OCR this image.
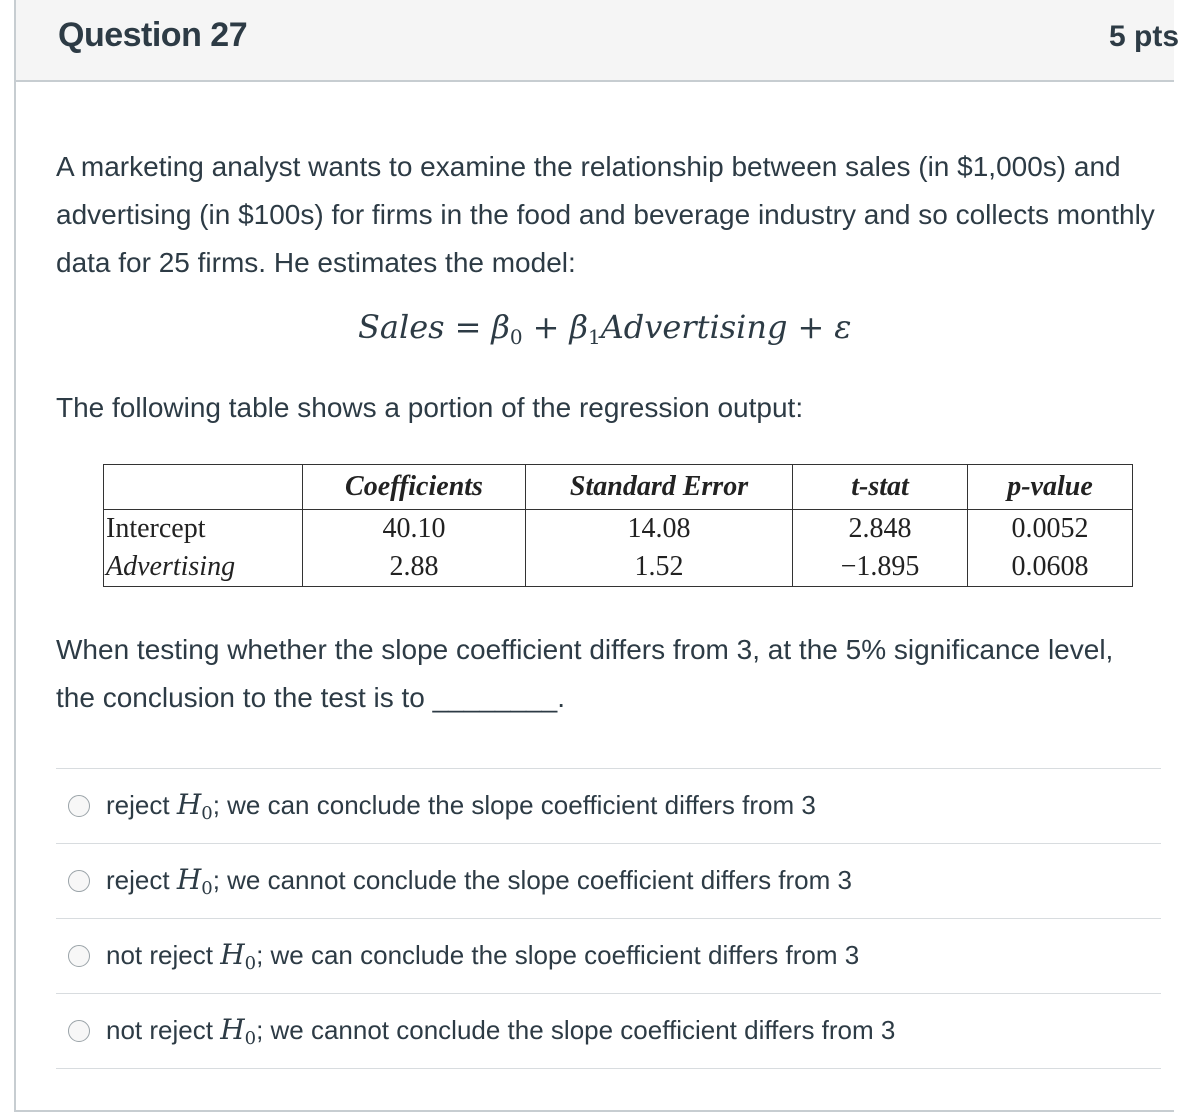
Question 27	5 pts
A marketing analyst wants to examine the relationship between sales (in $1,000s) and advertising (in $100s) for firms in the food and beverage industry and so collects monthly data for 25 firms. He estimates the model:
Sales = $\beta_0$ + $\beta_1Advertising + \varepsilon$
The following table shows a portion of the regression output:
	Coefficients	Standard Error	t-stat	p-value
Intercept	40.10	14.08	2.848	0.0052
Advertising	2.88	1.52	−1.895	0.0608
When testing whether the slope coefficient differs from 3, at the 5% significance level, the conclusion to the test is to ________.
reject $H_0$; we can conclude the slope coefficient differs from 3
reject $H_0$; we cannot conclude the slope coefficient differs from 3
not reject $H_0$; we can conclude the slope coefficient differs from 3
not reject $H_0$; we cannot conclude the slope coefficient differs from 3
